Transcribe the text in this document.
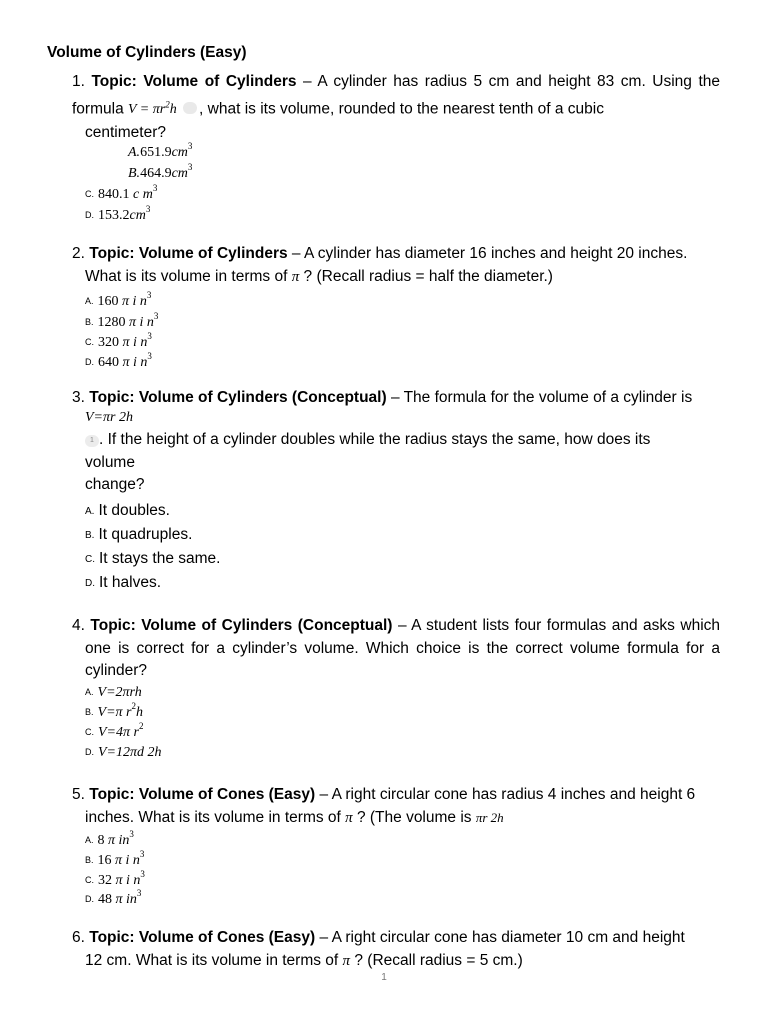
Volume of Cylinders (Easy)
1. Topic: Volume of Cylinders – A cylinder has radius 5 cm and height 83 cm. Using the formula $V = \pi r^2h$ , what is its volume, rounded to the nearest tenth of a cubic
centimeter?
$A.651.9cm^3$
$B.464.9cm^3$
C. 840.1 c $m^3$
D. $153.2cm^3$
2. Topic: Volume of Cylinders – A cylinder has diameter 16 inches and height 20 inches.
What is its volume in terms of π ? (Recall radius = half the diameter.)
A. 160 π i $n^3$
B. 1280 π i $n^3$
C. 320 π i $n^3$
D. 640 π i $n^3$
3. Topic: Volume of Cylinders (Conceptual) – The formula for the volume of a cylinder is
V=πr 2h
1 . If the height of a cylinder doubles while the radius stays the same, how does its
volume
change?
A. It doubles.
B. It quadruples.
C. It stays the same.
D. It halves.
4. Topic: Volume of Cylinders (Conceptual) – A student lists four formulas and asks which one is correct for a cylinder’s volume. Which choice is the correct volume formula for a cylinder?
A. V=2πrh
B. V=π $r^2h$
C. V=4π $r^2$
D. V=12πd 2h
5. Topic: Volume of Cones (Easy) – A right circular cone has radius 4 inches and height 6
inches. What is its volume in terms of π ? (The volume is πr 2h
A. 8 π $in^3$
B. 16 π i $n^3$
C. 32 π i $n^3$
D. 48 π $in^3$
6. Topic: Volume of Cones (Easy) – A right circular cone has diameter 10 cm and height
12 cm. What is its volume in terms of π ? (Recall radius = 5 cm.)
1
